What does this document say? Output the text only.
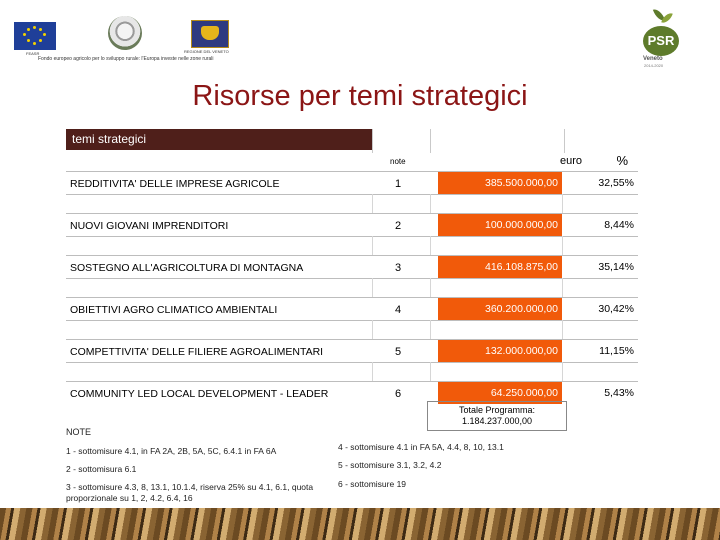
FEASR	REGIONE DEL VENETO
Fondo europeo agricolo per lo sviluppo rurale: l'Europa investe nelle zone rurali
PSR
Veneto
2014-2020
Risorse per temi strategici
temi strategici
note	euro	%
REDDITIVITA' DELLE IMPRESE AGRICOLE	1	385.500.000,00	32,55%
NUOVI GIOVANI IMPRENDITORI	2	100.000.000,00	8,44%
SOSTEGNO ALL'AGRICOLTURA DI MONTAGNA	3	416.108.875,00	35,14%
OBIETTIVI AGRO CLIMATICO AMBIENTALI	4	360.200.000,00	30,42%
COMPETTIVITA' DELLE FILIERE AGROALIMENTARI	5	132.000.000,00	11,15%
COMMUNITY LED LOCAL DEVELOPMENT - LEADER	6	64.250.000,00	5,43%
Totale Programma:
1.184.237.000,00
NOTE
1 - sottomisure 4.1, in FA 2A, 2B, 5A, 5C, 6.4.1 in FA 6A
2 - sottomisura 6.1
3 - sottomisure 4.3, 8, 13.1, 10.1.4, riserva 25% su 4.1, 6.1, quota proporzionale su 1, 2, 4.2, 6.4, 16
4 - sottomisure 4.1 in FA 5A, 4.4, 8, 10, 13.1
5 - sottomisure 3.1, 3.2, 4.2
6 - sottomisure 19
